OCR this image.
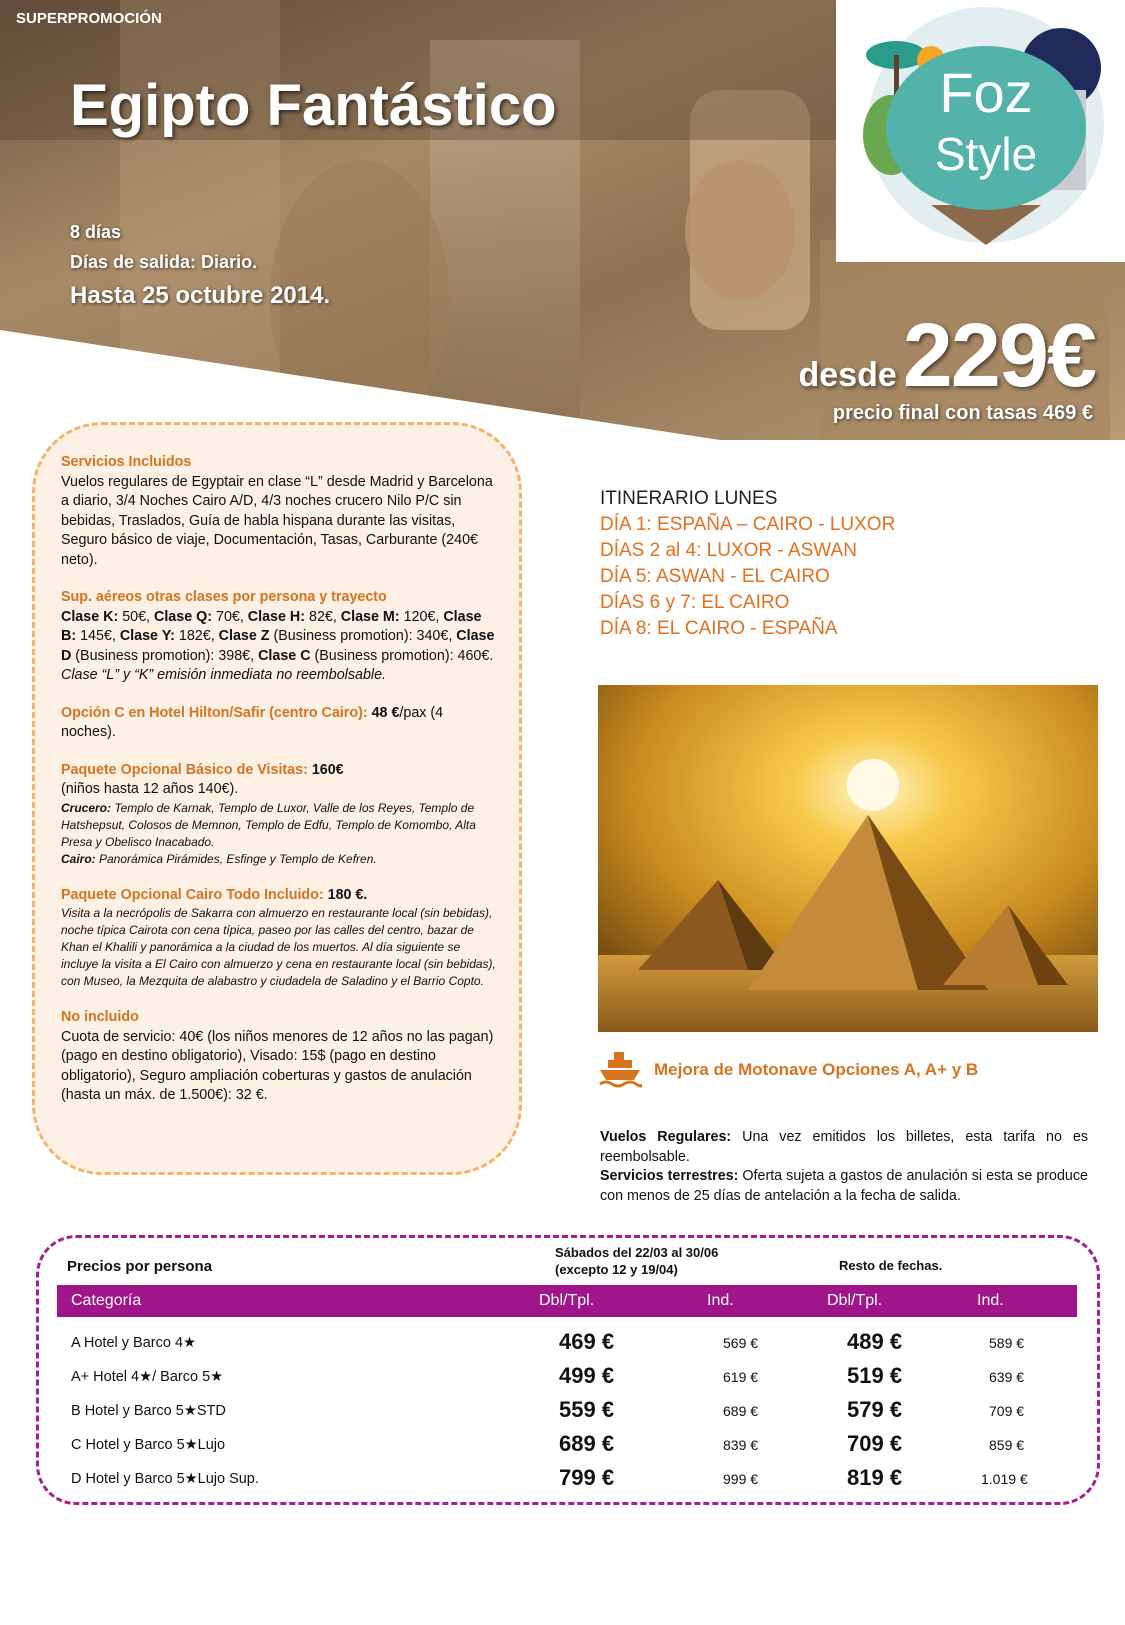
SUPERPROMOCIÓN
Egipto Fantástico
8 días
Días de salida: Diario.
Hasta 25 octubre 2014.
desde229€
precio final con tasas 469 €
Foz
Style
Servicios Incluidos
Vuelos regulares de Egyptair en clase “L” desde Madrid y Barcelona a diario, 3/4 Noches Cairo A/D, 4/3 noches crucero Nilo P/C sin bebidas, Traslados, Guía de habla hispana durante las visitas, Seguro básico de viaje, Documentación, Tasas, Carburante (240€ neto).
Sup. aéreos otras clases por persona y trayecto
Clase K: 50€, Clase Q: 70€, Clase H: 82€, Clase M: 120€, Clase B: 145€, Clase Y: 182€, Clase Z (Business promotion): 340€, Clase D (Business promotion): 398€, Clase C (Business promotion): 460€.
Clase “L” y “K” emisión inmediata no reembolsable.
Opción C en Hotel Hilton/Safir (centro Cairo): 48 €/pax (4 noches).
Paquete Opcional Básico de Visitas: 160€
(niños hasta 12 años 140€).
Crucero: Templo de Karnak, Templo de Luxor, Valle de los Reyes, Templo de Hatshepsut, Colosos de Memnon, Templo de Edfu, Templo de Komombo, Alta Presa y Obelisco Inacabado.
Cairo: Panorámica Pirámides, Esfinge y Templo de Kefren.
Paquete Opcional Cairo Todo Incluido: 180 €.
Visita a la necrópolis de Sakarra con almuerzo en restaurante local (sin bebidas), noche típica Cairota con cena típica, paseo por las calles del centro, bazar de Khan el Khalili y panorámica a la ciudad de los muertos. Al día siguiente se incluye la visita a El Cairo con almuerzo y cena en restaurante local (sin bebidas), con Museo, la Mezquita de alabastro y ciudadela de Saladino y el Barrio Copto.
No incluido
Cuota de servicio: 40€ (los niños menores de 12 años no las pagan) (pago en destino obligatorio), Visado: 15$ (pago en destino obligatorio), Seguro ampliación coberturas y gastos de anulación (hasta un máx. de 1.500€): 32 €.
ITINERARIO LUNES
DÍA 1: ESPAÑA – CAIRO - LUXOR
DÍAS 2 al 4: LUXOR - ASWAN
DÍA 5: ASWAN - EL CAIRO
DÍAS 6 y 7: EL CAIRO
DÍA 8: EL CAIRO - ESPAÑA
Mejora de Motonave Opciones A, A+ y B
Vuelos Regulares: Una vez emitidos los billetes, esta tarifa no es reembolsable.
Servicios terrestres: Oferta sujeta a gastos de anulación si esta se produce con menos de 25 días de antelación a la fecha de salida.
Precios por persona
Sábados del 22/03 al 30/06
(excepto 12 y 19/04)	Resto de fechas.
Categoría	Dbl/Tpl.	Ind.	Dbl/Tpl.	Ind.
A Hotel y Barco 4★	469 €	569 €	489 €	589 €
A+ Hotel 4★/ Barco 5★	499 €	619 €	519 €	639 €
B Hotel y Barco 5★STD	559 €	689 €	579 €	709 €
C Hotel y Barco 5★Lujo	689 €	839 €	709 €	859 €
D Hotel y Barco 5★Lujo Sup.	799 €	999 €	819 €	1.019 €
